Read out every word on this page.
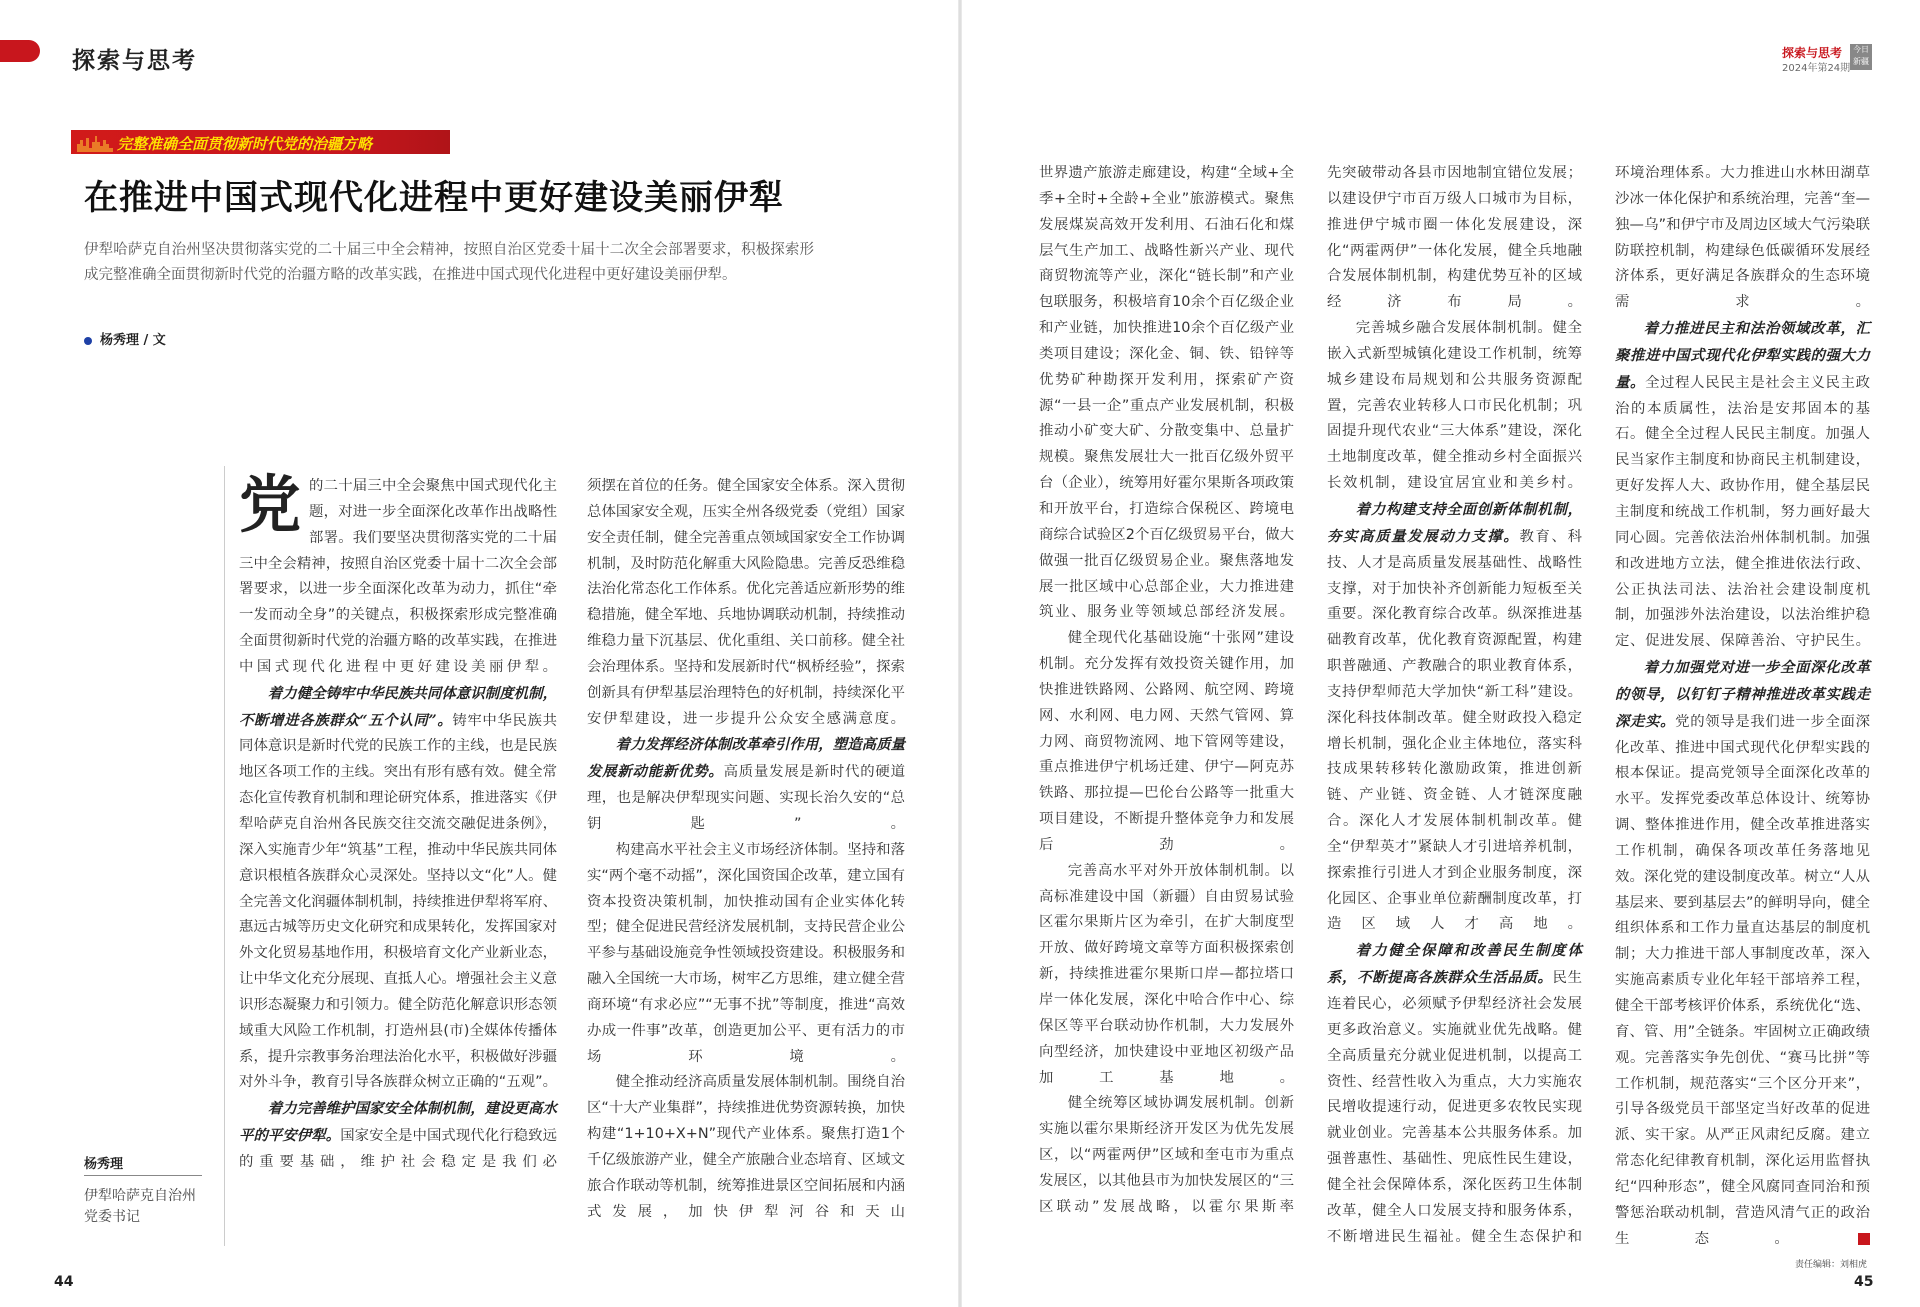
探索与思考	探索与思考
2024年第24期
今日
新疆
完整准确全面贯彻新时代党的治疆方略
在推进中国式现代化进程中更好建设美丽伊犁
伊犁哈萨克自治州坚决贯彻落实党的二十届三中全会精神，按照自治区党委十届十二次全会部署要求，积极探索形成完整准确全面贯彻新时代党的治疆方略的改革实践，在推进中国式现代化进程中更好建设美丽伊犁。
杨秀理 / 文
杨秀理
伊犁哈萨克自治州党委书记

党的二十届三中全会聚焦中国式现代化主题，对进一步全面深化改革作出战略性部署。我们要坚决贯彻落实党的二十届三中全会精神，按照自治区党委十届十二次全会部署要求，以进一步全面深化改革为动力，抓住“牵一发而动全身”的关键点，积极探索形成完整准确全面贯彻新时代党的治疆方略的改革实践，在推进中国式现代化进程中更好建设美丽伊犁。

着力健全铸牢中华民族共同体意识制度机制，不断增进各族群众“五个认同”。铸牢中华民族共同体意识是新时代党的民族工作的主线，也是民族地区各项工作的主线。突出有形有感有效。健全常态化宣传教育机制和理论研究体系，推进落实《伊犁哈萨克自治州各民族交往交流交融促进条例》，深入实施青少年“筑基”工程，推动中华民族共同体意识根植各族群众心灵深处。坚持以文“化”人。健全完善文化润疆体制机制，持续推进伊犁将军府、惠远古城等历史文化研究和成果转化，发挥国家对外文化贸易基地作用，积极培育文化产业新业态，让中华文化充分展现、直抵人心。增强社会主义意识形态凝聚力和引领力。健全防范化解意识形态领域重大风险工作机制，打造州县(市)全媒体传播体系，提升宗教事务治理法治化水平，积极做好涉疆对外斗争，教育引导各族群众树立正确的“五观”。

着力完善维护国家安全体制机制，建设更高水平的平安伊犁。国家安全是中国式现代化行稳致远的重要基础，维护社会稳定是我们必

须摆在首位的任务。健全国家安全体系。深入贯彻总体国家安全观，压实全州各级党委（党组）国家安全责任制，健全完善重点领域国家安全工作协调机制，及时防范化解重大风险隐患。完善反恐维稳法治化常态化工作体系。优化完善适应新形势的维稳措施，健全军地、兵地协调联动机制，持续推动维稳力量下沉基层、优化重组、关口前移。健全社会治理体系。坚持和发展新时代“枫桥经验”，探索创新具有伊犁基层治理特色的好机制，持续深化平安伊犁建设，进一步提升公众安全感满意度。

着力发挥经济体制改革牵引作用，塑造高质量发展新动能新优势。高质量发展是新时代的硬道理，也是解决伊犁现实问题、实现长治久安的“总钥匙”。

构建高水平社会主义市场经济体制。坚持和落实“两个毫不动摇”，深化国资国企改革，建立国有资本投资决策机制，加快推动国有企业实体化转型；健全促进民营经济发展机制，支持民营企业公平参与基础设施竞争性领域投资建设。积极服务和融入全国统一大市场，树牢乙方思维，建立健全营商环境“有求必应”“无事不扰”等制度，推进“高效办成一件事”改革，创造更加公平、更有活力的市场环境。

健全推动经济高质量发展体制机制。围绕自治区“十大产业集群”，持续推进优势资源转换，加快构建“1+10+X+N”现代产业体系。聚焦打造1个千亿级旅游产业，健全产旅融合业态培育、区域文旅合作联动等机制，统筹推进景区空间拓展和内涵式发展，加快伊犁河谷和天山

世界遗产旅游走廊建设，构建“全域+全季+全时+全龄+全业”旅游模式。聚焦发展煤炭高效开发利用、石油石化和煤层气生产加工、战略性新兴产业、现代商贸物流等产业，深化“链长制”和产业包联服务，积极培育10余个百亿级企业和产业链，加快推进10余个百亿级产业类项目建设；深化金、铜、铁、铅锌等优势矿种勘探开发利用，探索矿产资源“一县一企”重点产业发展机制，积极推动小矿变大矿、分散变集中、总量扩规模。聚焦发展壮大一批百亿级外贸平台（企业），统筹用好霍尔果斯各项政策和开放平台，打造综合保税区、跨境电商综合试验区2个百亿级贸易平台，做大做强一批百亿级贸易企业。聚焦落地发展一批区域中心总部企业，大力推进建筑业、服务业等领域总部经济发展。

健全现代化基础设施“十张网”建设机制。充分发挥有效投资关键作用，加快推进铁路网、公路网、航空网、跨境网、水利网、电力网、天然气管网、算力网、商贸物流网、地下管网等建设，重点推进伊宁机场迁建、伊宁—阿克苏铁路、那拉提—巴伦台公路等一批重大项目建设，不断提升整体竞争力和发展后劲。

完善高水平对外开放体制机制。以高标准建设中国（新疆）自由贸易试验区霍尔果斯片区为牵引，在扩大制度型开放、做好跨境文章等方面积极探索创新，持续推进霍尔果斯口岸—都拉塔口岸一体化发展，深化中哈合作中心、综保区等平台联动协作机制，大力发展外向型经济，加快建设中亚地区初级产品加工基地。

健全统筹区域协调发展机制。创新实施以霍尔果斯经济开发区为优先发展区，以“两霍两伊”区域和奎屯市为重点发展区，以其他县市为加快发展区的“三区联动”发展战略，以霍尔果斯率

先突破带动各县市因地制宜错位发展；以建设伊宁市百万级人口城市为目标，推进伊宁城市圈一体化发展建设，深化“两霍两伊”一体化发展，健全兵地融合发展体制机制，构建优势互补的区域经济布局。

完善城乡融合发展体制机制。健全嵌入式新型城镇化建设工作机制，统筹城乡建设布局规划和公共服务资源配置，完善农业转移人口市民化机制；巩固提升现代农业“三大体系”建设，深化土地制度改革，健全推动乡村全面振兴长效机制，建设宜居宜业和美乡村。

着力构建支持全面创新体制机制，夯实高质量发展动力支撑。教育、科技、人才是高质量发展基础性、战略性支撑，对于加快补齐创新能力短板至关重要。深化教育综合改革。纵深推进基础教育改革，优化教育资源配置，构建职普融通、产教融合的职业教育体系，支持伊犁师范大学加快“新工科”建设。深化科技体制改革。健全财政投入稳定增长机制，强化企业主体地位，落实科技成果转移转化激励政策，推进创新链、产业链、资金链、人才链深度融合。深化人才发展体制机制改革。健全“伊犁英才”紧缺人才引进培养机制，探索推行引进人才到企业服务制度，深化园区、企事业单位薪酬制度改革，打造区域人才高地。

着力健全保障和改善民生制度体系，不断提高各族群众生活品质。民生连着民心，必须赋予伊犁经济社会发展更多政治意义。实施就业优先战略。健全高质量充分就业促进机制，以提高工资性、经营性收入为重点，大力实施农民增收提速行动，促进更多农牧民实现就业创业。完善基本公共服务体系。加强普惠性、基础性、兜底性民生建设，健全社会保障体系，深化医药卫生体制改革，健全人口发展支持和服务体系，不断增进民生福祉。健全生态保护和

环境治理体系。大力推进山水林田湖草沙冰一体化保护和系统治理，完善“奎—独—乌”和伊宁市及周边区域大气污染联防联控机制，构建绿色低碳循环发展经济体系，更好满足各族群众的生态环境需求。

着力推进民主和法治领域改革，汇聚推进中国式现代化伊犁实践的强大力量。全过程人民民主是社会主义民主政治的本质属性，法治是安邦固本的基石。健全全过程人民民主制度。加强人民当家作主制度和协商民主机制建设，更好发挥人大、政协作用，健全基层民主制度和统战工作机制，努力画好最大同心圆。完善依法治州体制机制。加强和改进地方立法，健全推进依法行政、公正执法司法、法治社会建设制度机制，加强涉外法治建设，以法治维护稳定、促进发展、保障善治、守护民生。

着力加强党对进一步全面深化改革的领导，以钉钉子精神推进改革实践走深走实。党的领导是我们进一步全面深化改革、推进中国式现代化伊犁实践的根本保证。提高党领导全面深化改革的水平。发挥党委改革总体设计、统筹协调、整体推进作用，健全改革推进落实工作机制，确保各项改革任务落地见效。深化党的建设制度改革。树立“人从基层来、要到基层去”的鲜明导向，健全组织体系和工作力量直达基层的制度机制；大力推进干部人事制度改革，深入实施高素质专业化年轻干部培养工程，健全干部考核评价体系，系统优化“选、育、管、用”全链条。牢固树立正确政绩观。完善落实争先创优、“赛马比拼”等工作机制，规范落实“三个区分开来”，引导各级党员干部坚定当好改革的促进派、实干家。从严正风肃纪反腐。建立常态化纪律教育机制，深化运用监督执纪“四种形态”，健全风腐同查同治和预警惩治联动机制，营造风清气正的政治生态。	J

44	45
责任编辑：刘相虎
